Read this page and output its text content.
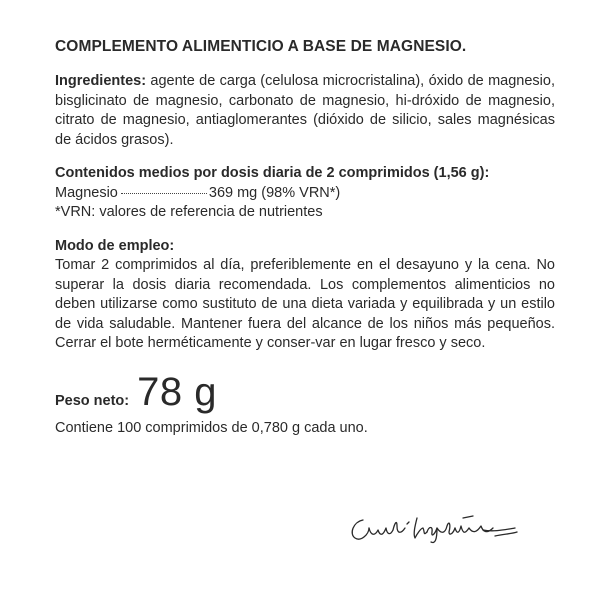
COMPLEMENTO ALIMENTICIO A BASE DE MAGNESIO.

Ingredientes: agente de carga (celulosa microcristalina), óxido de magnesio, bisglicinato de magnesio, carbonato de magnesio, hi-dróxido de magnesio, citrato de magnesio, antiaglomerantes (dióxido de silicio, sales magnésicas de ácidos grasos).

Contenidos medios por dosis diaria de 2 comprimidos (1,56 g):

Magnesio	369 mg (98% VRN*)

*VRN: valores de referencia de nutrientes

Modo de empleo:

Tomar 2 comprimidos al día, preferiblemente en el desayuno y la cena. No superar la dosis diaria recomendada. Los complementos alimenticios no deben utilizarse como sustituto de una dieta variada y equilibrada y un estilo de vida saludable. Mantener fuera del alcance de los niños más pequeños. Cerrar el bote herméticamente y conser-var en lugar fresco y seco.

Peso neto: 78 g
Contiene 100 comprimidos de 0,780 g cada uno.
